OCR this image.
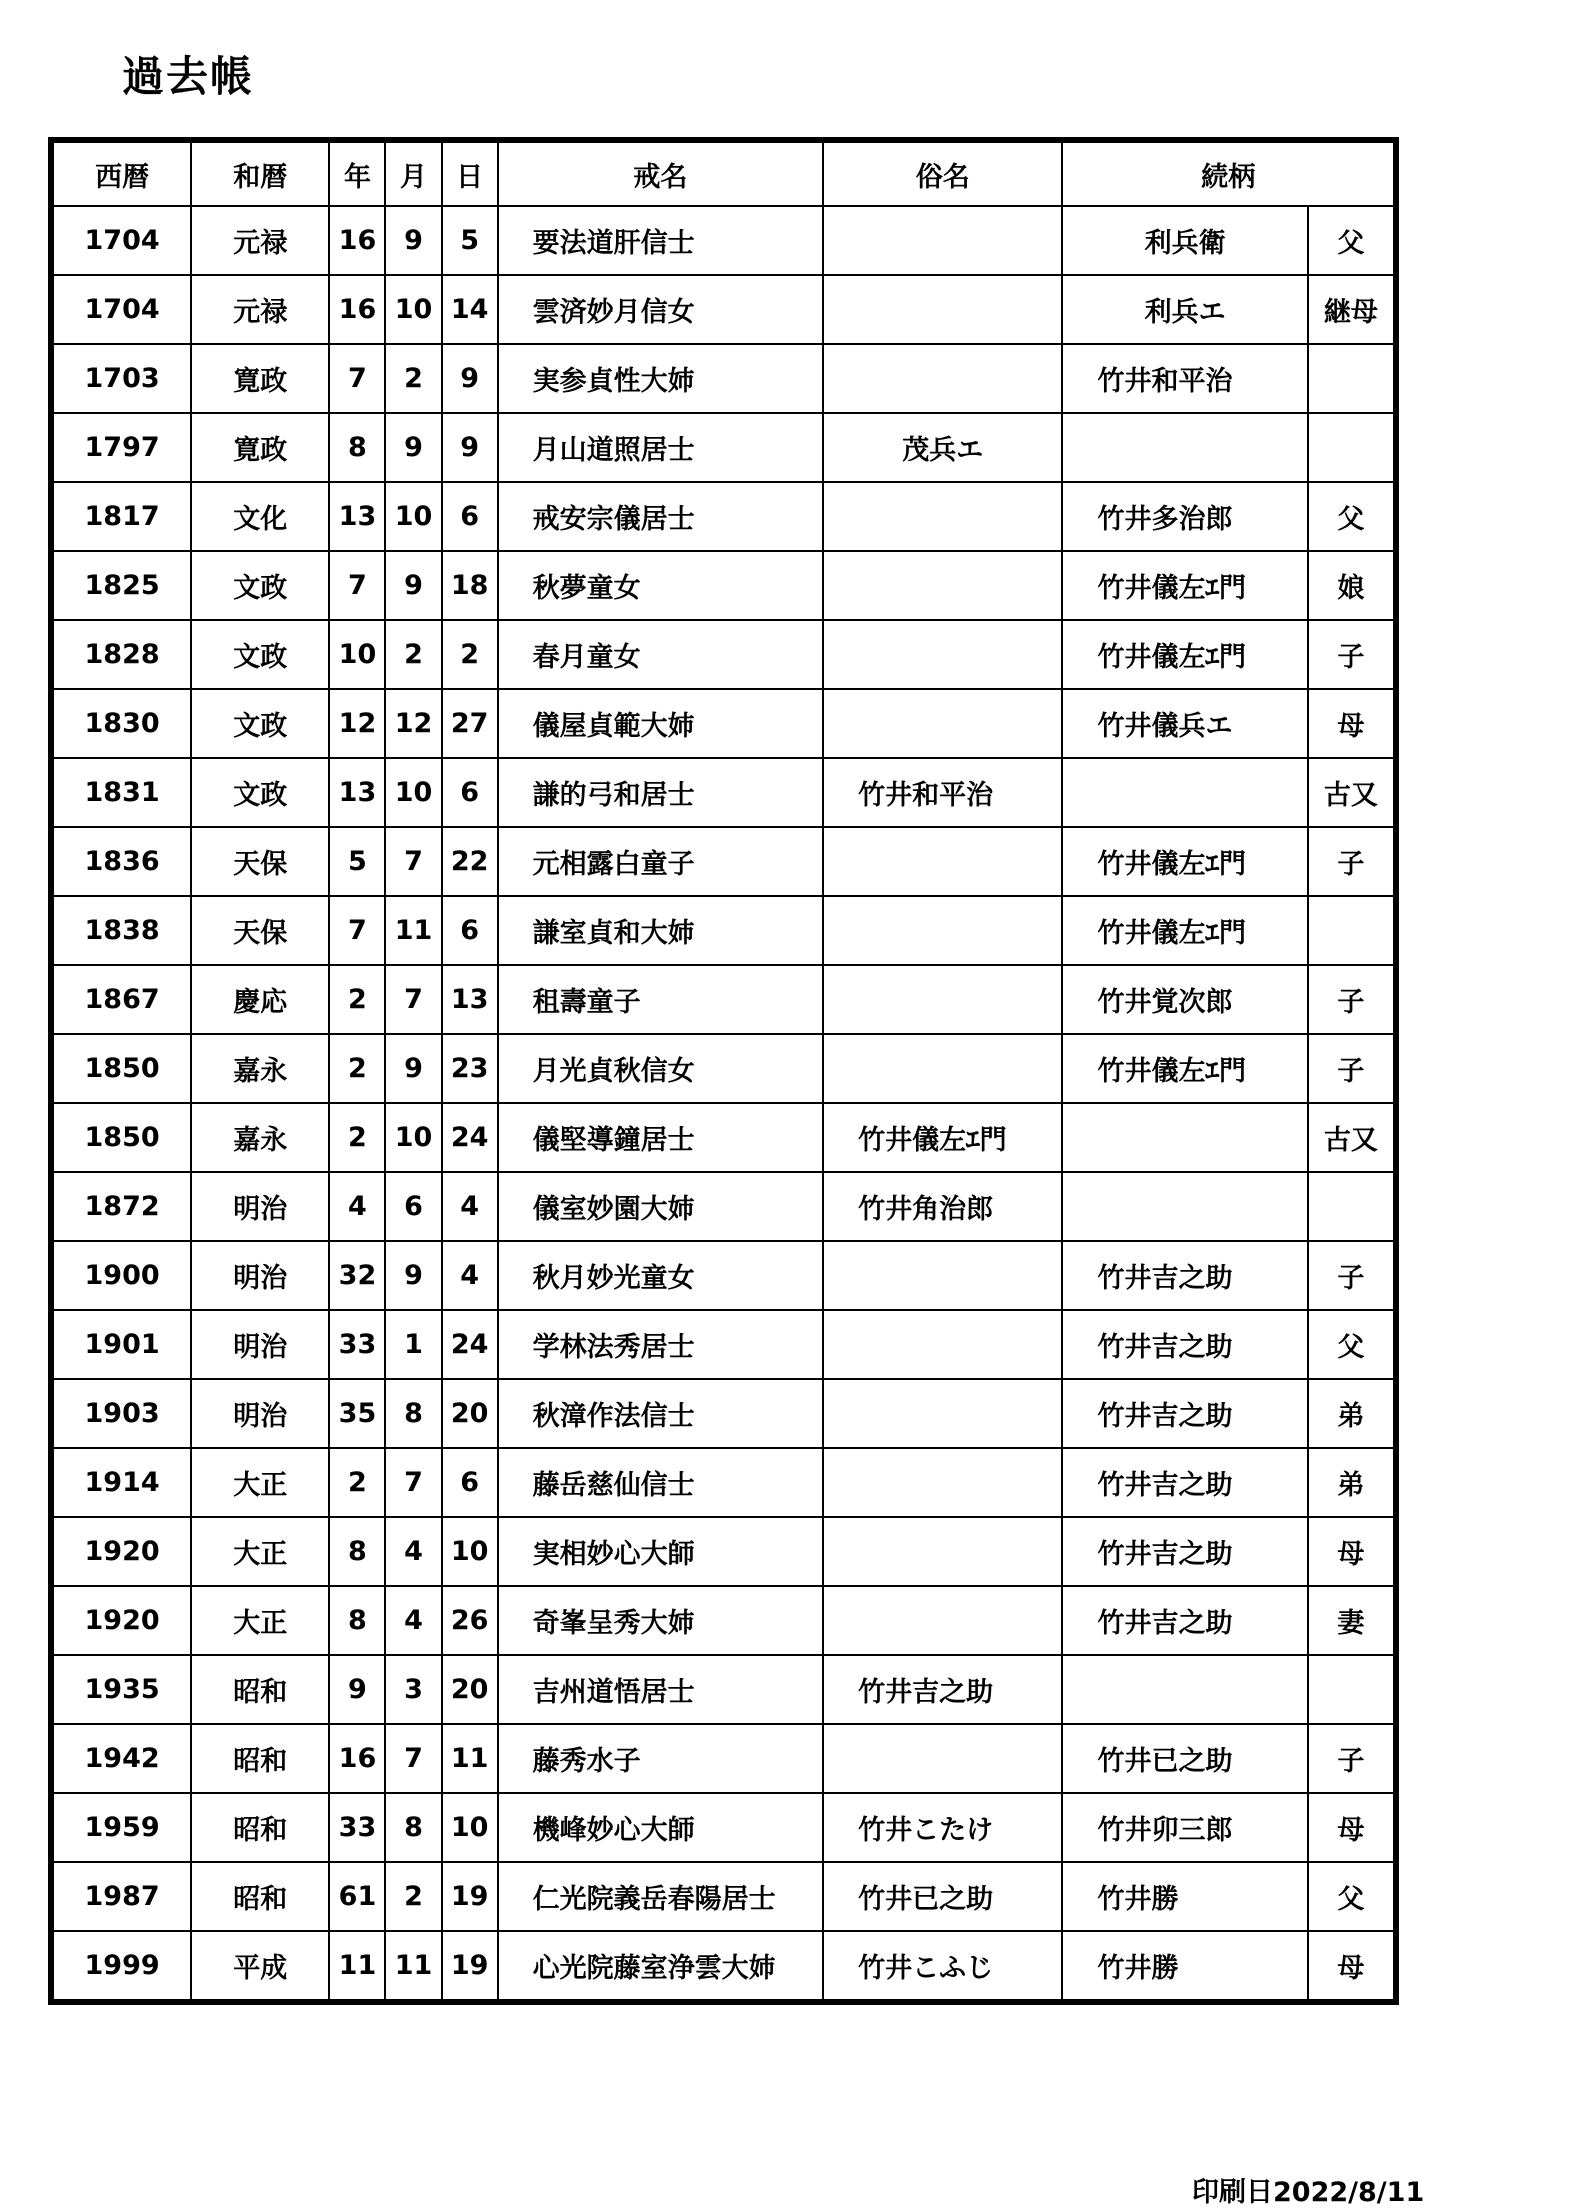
過去帳
西暦	和暦	年	月	日	戒名	俗名	続柄	
1704	元禄	16	9	5	要法道肝信士		利兵衛	父
1704	元禄	16	10	14	雲済妙月信女		利兵エ	継母
1703	寛政	7	2	9	実参貞性大姉		竹井和平治	
1797	寛政	8	9	9	月山道照居士	茂兵エ		
1817	文化	13	10	6	戒安宗儀居士		竹井多治郎	父
1825	文政	7	9	18	秋夢童女		竹井儀左ｴ門	娘
1828	文政	10	2	2	春月童女		竹井儀左ｴ門	子
1830	文政	12	12	27	儀屋貞範大姉		竹井儀兵エ	母
1831	文政	13	10	6	謙的弓和居士	竹井和平治		古又
1836	天保	5	7	22	元相露白童子		竹井儀左ｴ門	子
1838	天保	7	11	6	謙室貞和大姉		竹井儀左ｴ門	
1867	慶応	2	7	13	租壽童子		竹井覚次郎	子
1850	嘉永	2	9	23	月光貞秋信女		竹井儀左ｴ門	子
1850	嘉永	2	10	24	儀堅導鐘居士	竹井儀左ｴ門		古又
1872	明治	4	6	4	儀室妙園大姉	竹井角治郎		
1900	明治	32	9	4	秋月妙光童女		竹井吉之助	子
1901	明治	33	1	24	学林法秀居士		竹井吉之助	父
1903	明治	35	8	20	秋漳作法信士		竹井吉之助	弟
1914	大正	2	7	6	藤岳慈仙信士		竹井吉之助	弟
1920	大正	8	4	10	実相妙心大師		竹井吉之助	母
1920	大正	8	4	26	奇峯呈秀大姉		竹井吉之助	妻
1935	昭和	9	3	20	吉州道悟居士	竹井吉之助		
1942	昭和	16	7	11	藤秀水子		竹井已之助	子
1959	昭和	33	8	10	機峰妙心大師	竹井こたけ	竹井卯三郎	母
1987	昭和	61	2	19	仁光院義岳春陽居士	竹井已之助	竹井勝	父
1999	平成	11	11	19	心光院藤室浄雲大姉	竹井こふじ	竹井勝	母
印刷日2022/8/11
